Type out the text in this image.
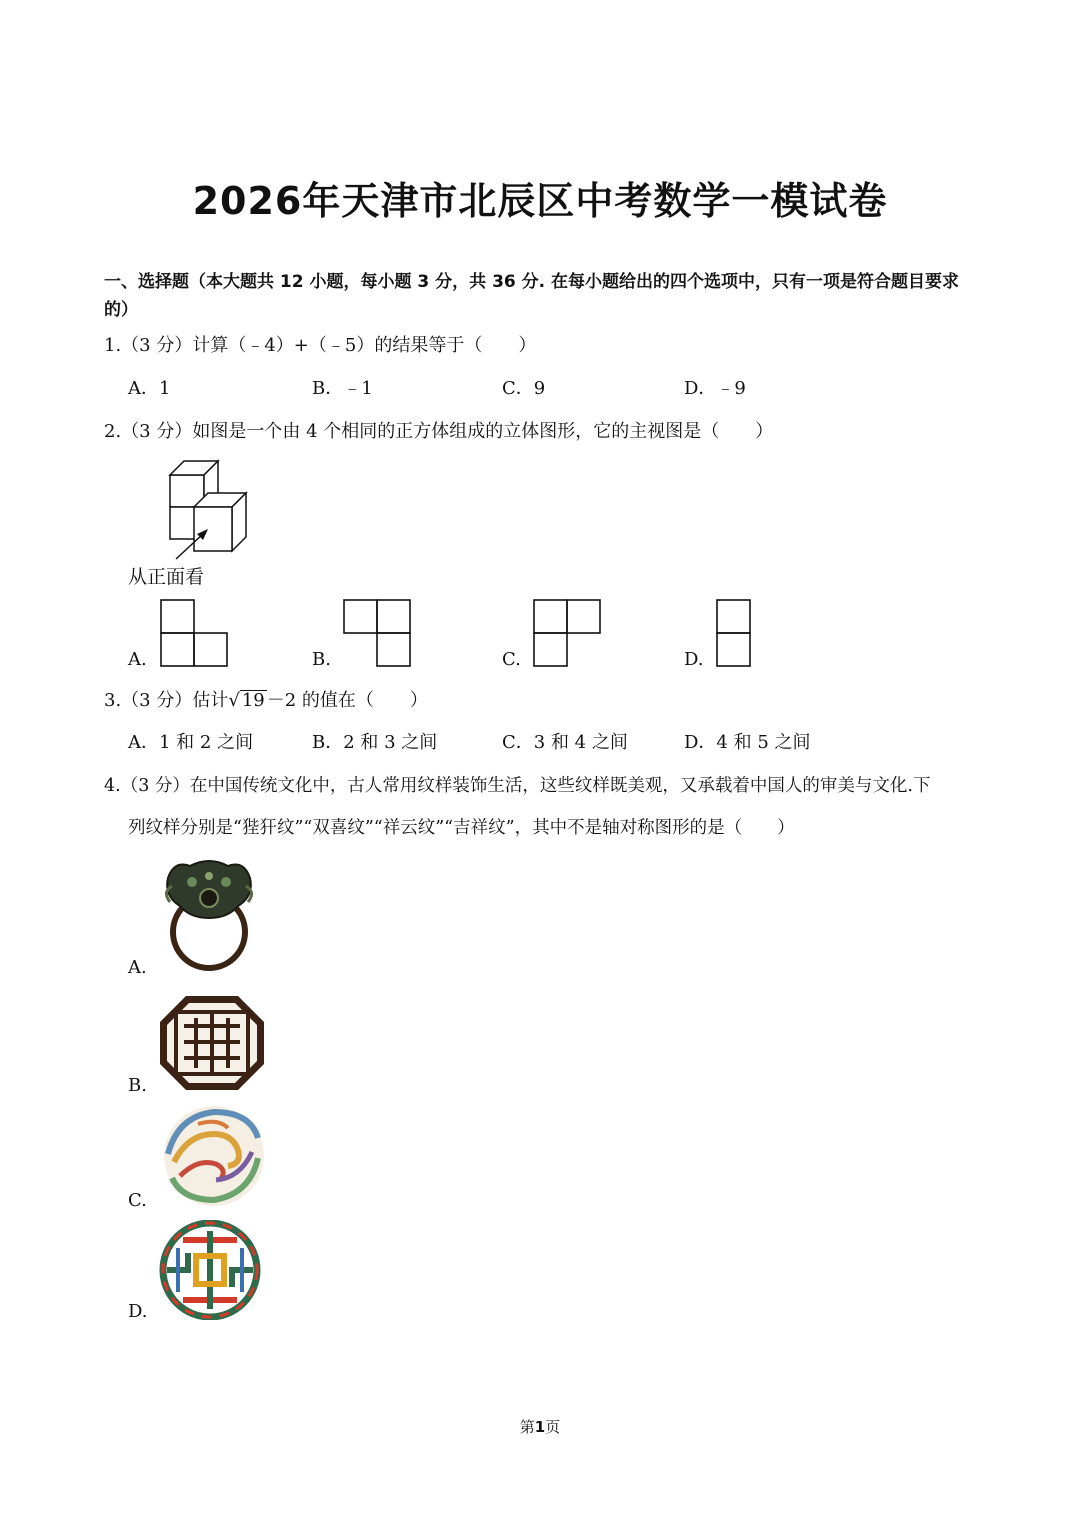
2026年天津市北辰区中考数学一模试卷
一、选择题（本大题共 12 小题，每小题 3 分，共 36 分. 在每小题给出的四个选项中，只有一项是符合题目要求的）
1.（3 分）计算（﹣4）+（﹣5）的结果等于（　　）
A．1	B．﹣1	C．9	D．﹣9
2.（3 分）如图是一个由 4 个相同的正方体组成的立体图形，它的主视图是（　　）
从正面看
A.	B.	C.	D.
3.（3 分）估计√ 19 －2 的值在（　　）
A．1 和 2 之间	B．2 和 3 之间	C．3 和 4 之间	D．4 和 5 之间
4.（3 分）在中国传统文化中，古人常用纹样装饰生活，这些纹样既美观，又承载着中国人的审美与文化.下
列纹样分别是“狴犴纹”“双喜纹”“祥云纹”“吉祥纹”，其中不是轴对称图形的是（　　）
A.
B.
C.
D.
第1页
